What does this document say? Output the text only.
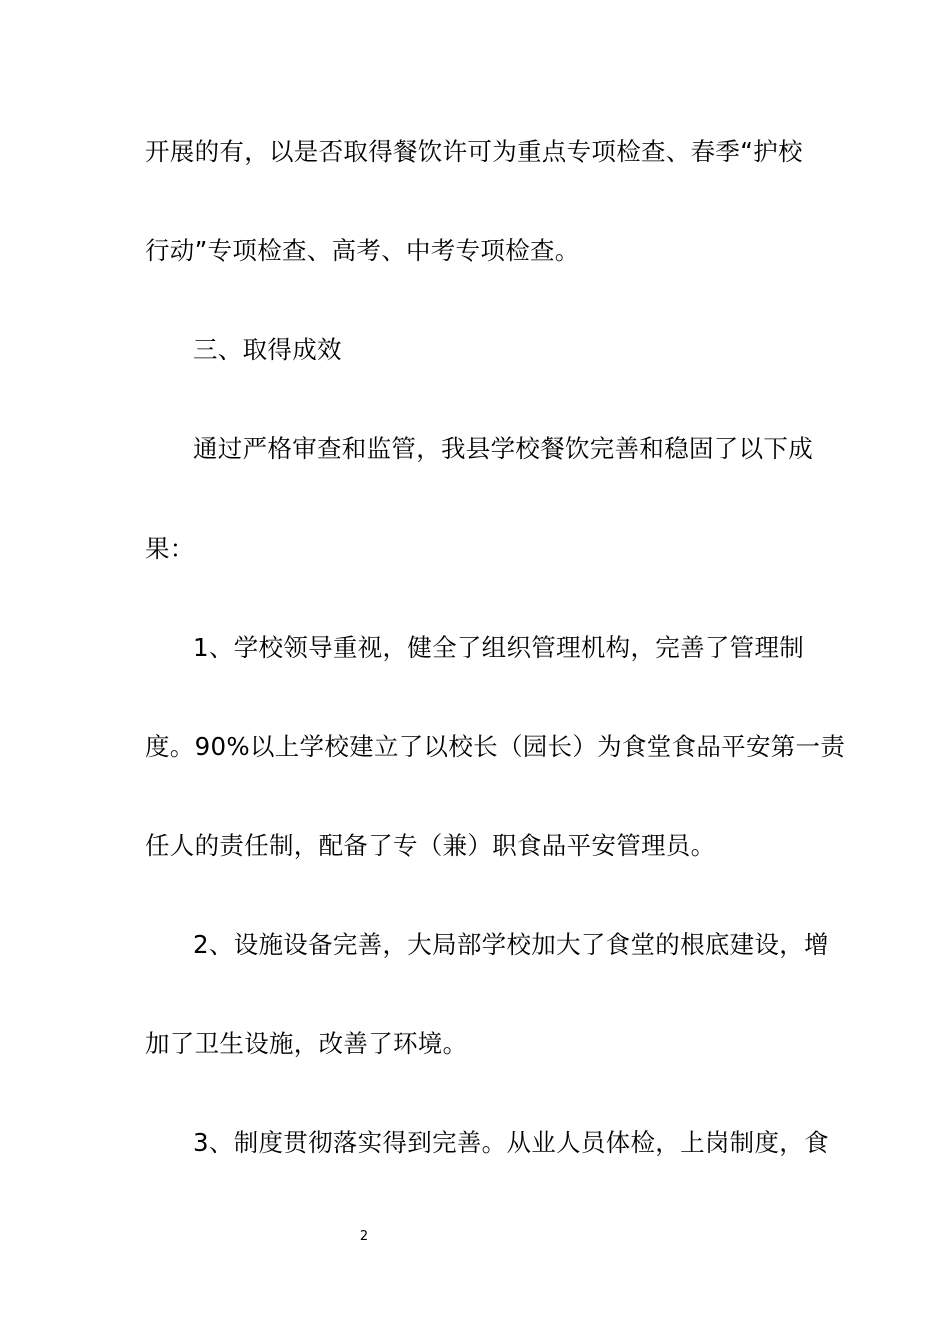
开展的有，以是否取得餐饮许可为重点专项检查、春季“护校
行动”专项检查、高考、中考专项检查。
三、取得成效
通过严格审查和监管，我县学校餐饮完善和稳固了以下成
果：
1、学校领导重视，健全了组织管理机构，完善了管理制
度。90%以上学校建立了以校长（园长）为食堂食品平安第一责
任人的责任制，配备了专（兼）职食品平安管理员。
2、设施设备完善，大局部学校加大了食堂的根底建设，增
加了卫生设施，改善了环境。
3、制度贯彻落实得到完善。从业人员体检，上岗制度，食
2
